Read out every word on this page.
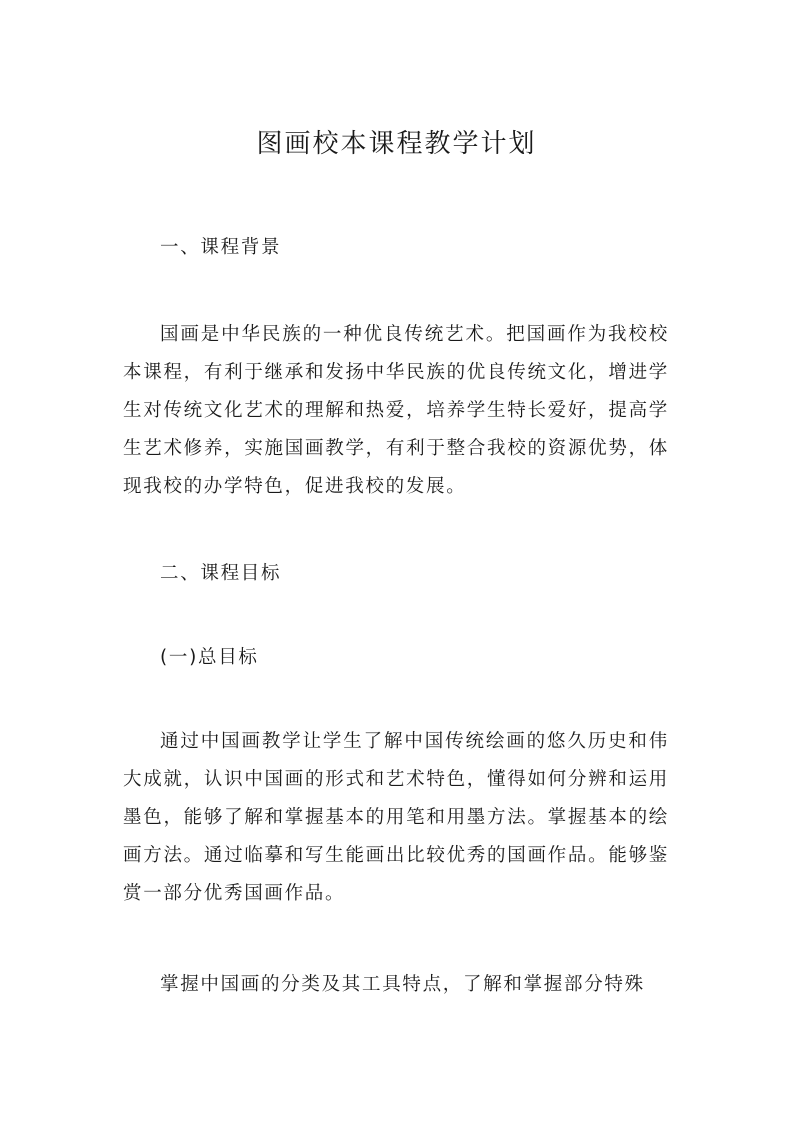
图画校本课程教学计划
一、课程背景

国画是中华民族的一种优良传统艺术。把国画作为我校校本课程，有利于继承和发扬中华民族的优良传统文化，增进学生对传统文化艺术的理解和热爱，培养学生特长爱好，提高学生艺术修养，实施国画教学，有利于整合我校的资源优势，体现我校的办学特色，促进我校的发展。

二、课程目标
(一)总目标

通过中国画教学让学生了解中国传统绘画的悠久历史和伟大成就，认识中国画的形式和艺术特色，懂得如何分辨和运用墨色，能够了解和掌握基本的用笔和用墨方法。掌握基本的绘画方法。通过临摹和写生能画出比较优秀的国画作品。能够鉴赏一部分优秀国画作品。

掌握中国画的分类及其工具特点，了解和掌握部分特殊
